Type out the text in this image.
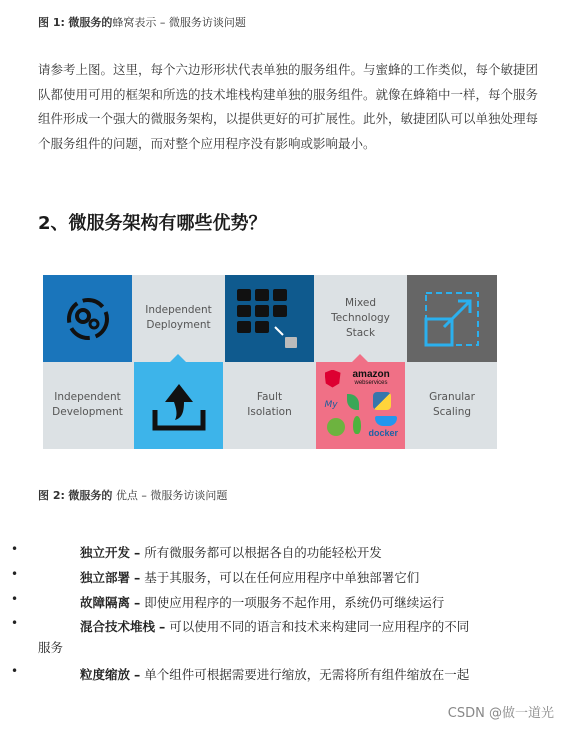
图 1: 微服务的蜂窝表示 – 微服务访谈问题
请参考上图。这里，每个六边形形状代表单独的服务组件。与蜜蜂的工作类似，每个敏捷团队都使用可用的框架和所选的技术堆栈构建单独的服务组件。就像在蜂箱中一样，每个服务组件形成一个强大的微服务架构，以提供更好的可扩展性。此外，敏捷团队可以单独处理每个服务组件的问题，而对整个应用程序没有影响或影响最小。
2、微服务架构有哪些优势？
Independent
Deployment
Mixed
Technology
Stack
Independent
Development
Fault
Isolation
amazon
webservices
My
docker
Granular
Scaling
图 2: 微服务的 优点 – 微服务访谈问题
•	独立开发 – 所有微服务都可以根据各自的功能轻松开发
•	独立部署 – 基于其服务，可以在任何应用程序中单独部署它们
•	故障隔离 – 即使应用程序的一项服务不起作用，系统仍可继续运行
•	混合技术堆栈 – 可以使用不同的语言和技术来构建同一应用程序的不同
服务
•	粒度缩放 – 单个组件可根据需要进行缩放，无需将所有组件缩放在一起
CSDN @做一道光
